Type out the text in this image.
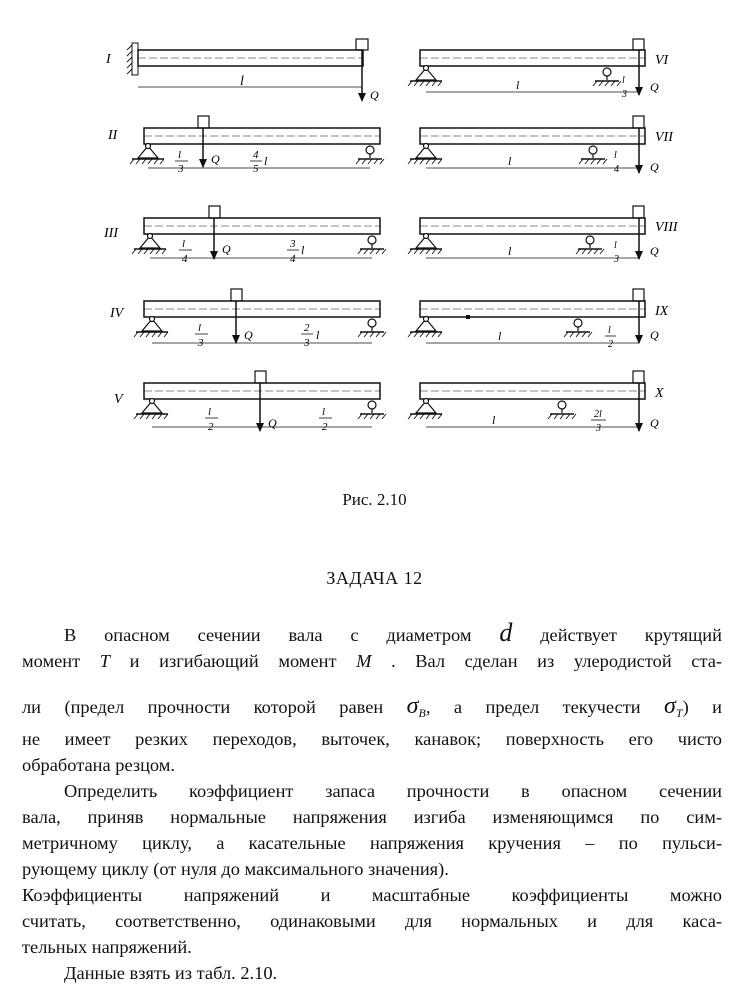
I
Q
l
II
Q
l
3
4
5
l
III
Q
l
4
3
4
l
IV
Q
l
3
2
3
l
V
Q
l
2
l
2
Q
VI
l	l
3
Q
VII
l	l
4
Q
VIII
l	l
3
Q
IX
l	l
2
Q
X
l	2l
3
Рис. 2.10
ЗАДАЧА 12
В опасном сечении вала с диаметром d действует крутящий
момент T и изгибающий момент M . Вал сделан из улеродистой ста-
ли (предел прочности которой равен $\sigma_B$, а предел текучести $\sigma_T$) и
не имеет резких переходов, выточек, канавок; поверхность его чисто
обработана резцом.
Определить коэффициент запаса прочности в опасном сечении
вала, приняв нормальные напряжения изгиба изменяющимся по сим-
метричному циклу, а касательные напряжения кручения – по пульси-
рующему циклу (от нуля до максимального значения).
Коэффициенты напряжений и масштабные коэффициенты можно
считать, соответственно, одинаковыми для нормальных и для каса-
тельных напряжений.
Данные взять из табл. 2.10.
